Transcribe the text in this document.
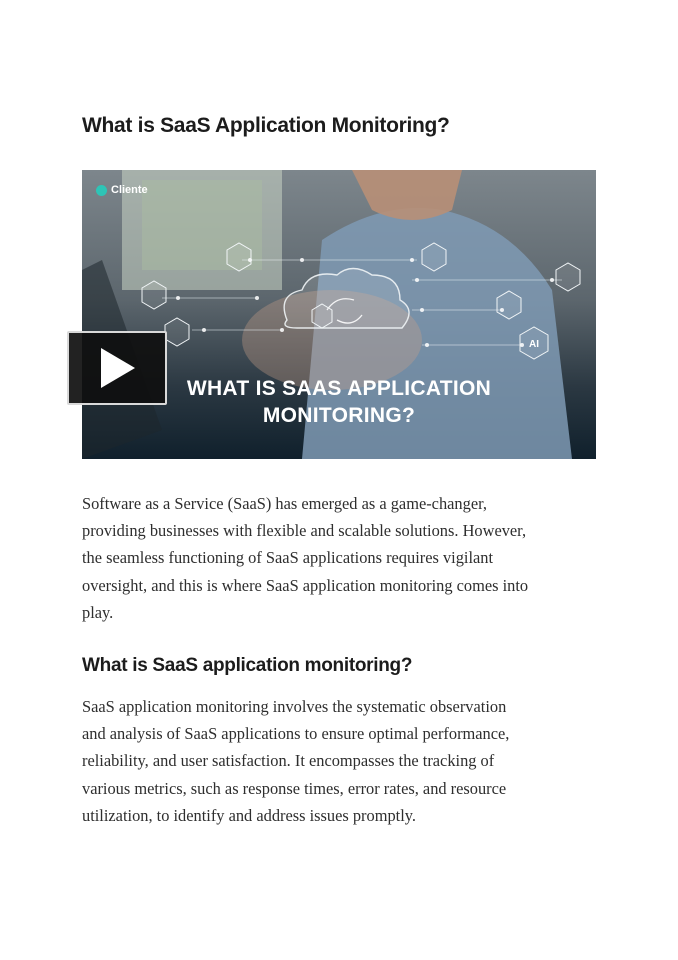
What is SaaS Application Monitoring?
AI
Cliente
WHAT IS SAAS APPLICATION
MONITORING?

Software as a Service (SaaS) has emerged as a game-changer,
providing businesses with flexible and scalable solutions. However,
the seamless functioning of SaaS applications requires vigilant
oversight, and this is where SaaS application monitoring comes into
play.

What is SaaS application monitoring?

SaaS application monitoring involves the systematic observation
and analysis of SaaS applications to ensure optimal performance,
reliability, and user satisfaction. It encompasses the tracking of
various metrics, such as response times, error rates, and resource
utilization, to identify and address issues promptly.
